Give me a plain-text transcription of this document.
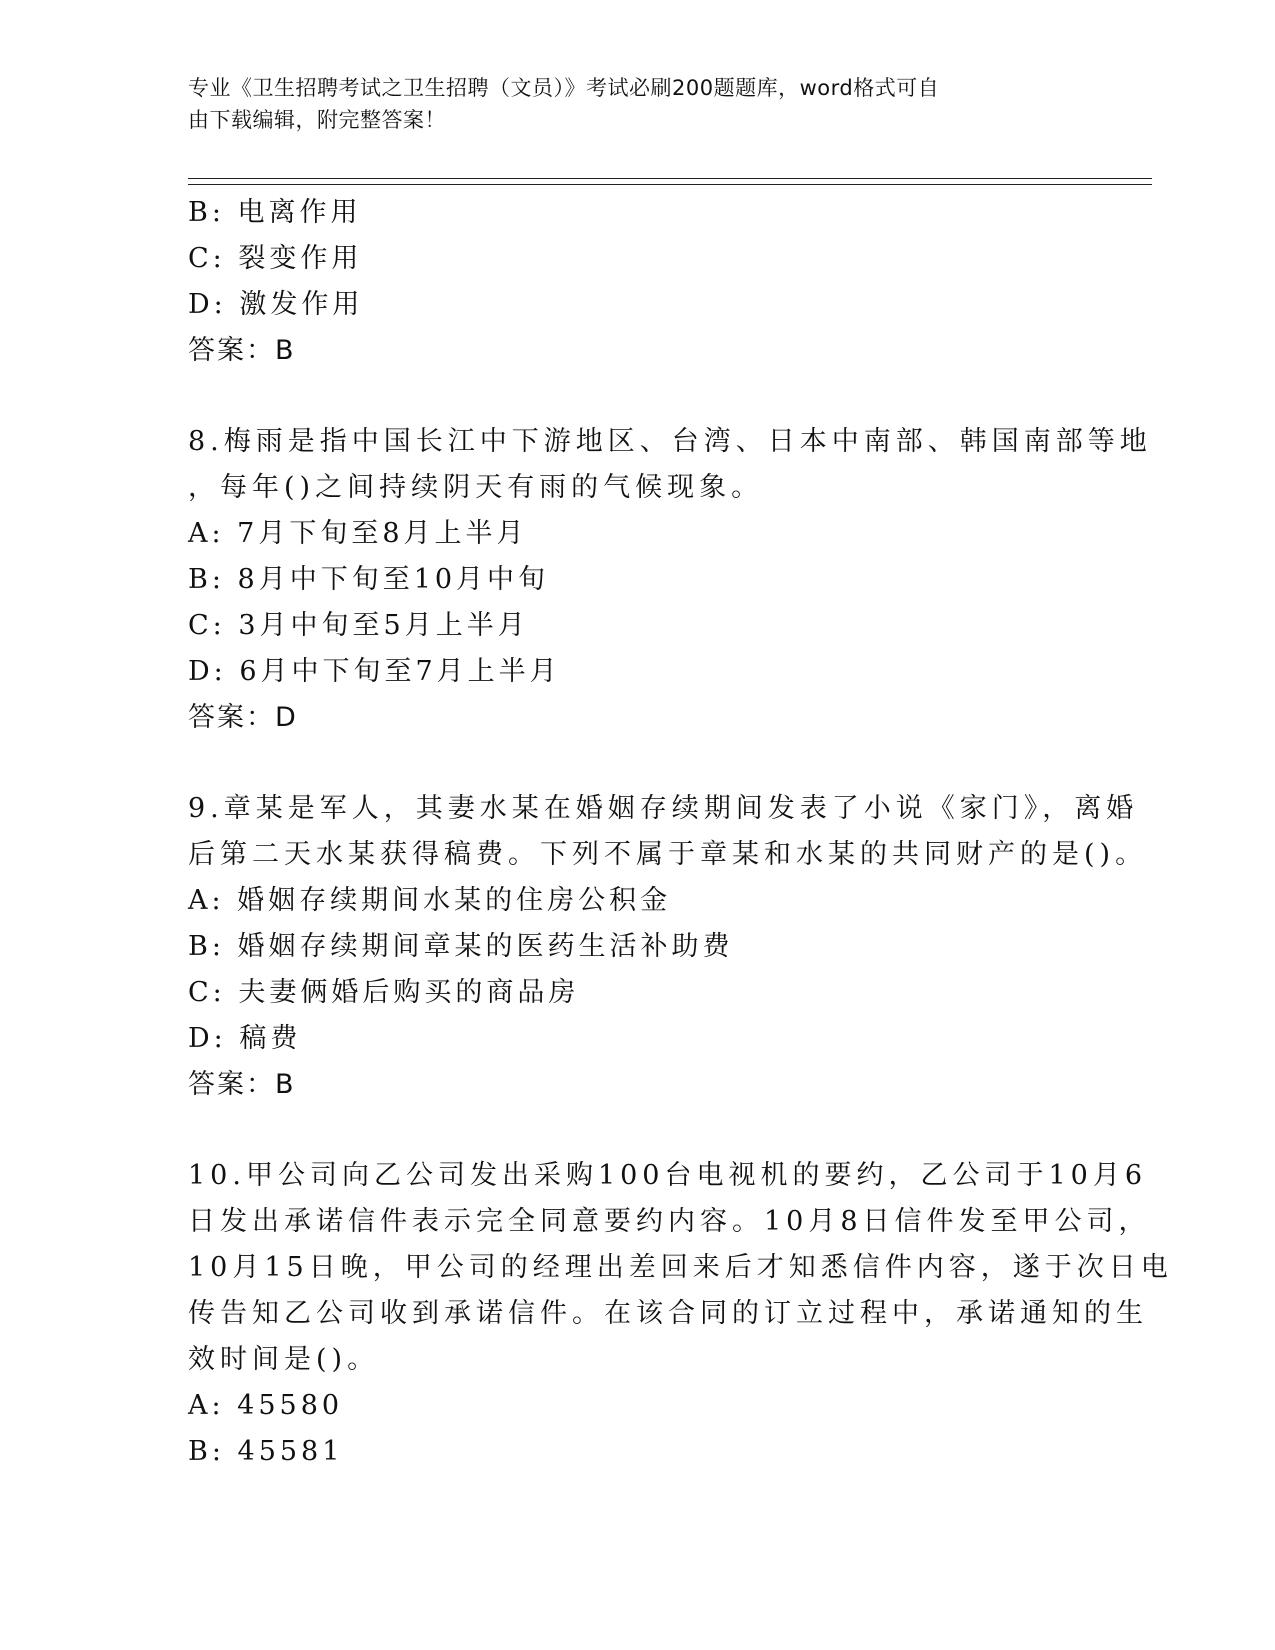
专业《卫生招聘考试之卫生招聘（文员）》考试必刷200题题库，word格式可自
由下载编辑，附完整答案！
B: 电离作用
C: 裂变作用
D: 激发作用
答案：B
8.梅雨是指中国长江中下游地区、台湾、日本中南部、韩国南部等地
，每年()之间持续阴天有雨的气候现象。
A: 7月下旬至8月上半月
B: 8月中下旬至10月中旬
C: 3月中旬至5月上半月
D: 6月中下旬至7月上半月
答案：D
9.章某是军人，其妻水某在婚姻存续期间发表了小说《家门》，离婚
后第二天水某获得稿费。下列不属于章某和水某的共同财产的是()。
A: 婚姻存续期间水某的住房公积金
B: 婚姻存续期间章某的医药生活补助费
C: 夫妻俩婚后购买的商品房
D: 稿费
答案：B
10.甲公司向乙公司发出采购100台电视机的要约，乙公司于10月6
日发出承诺信件表示完全同意要约内容。10月8日信件发至甲公司，
10月15日晚，甲公司的经理出差回来后才知悉信件内容，遂于次日电
传告知乙公司收到承诺信件。在该合同的订立过程中，承诺通知的生
效时间是()。
A: 45580
B: 45581
